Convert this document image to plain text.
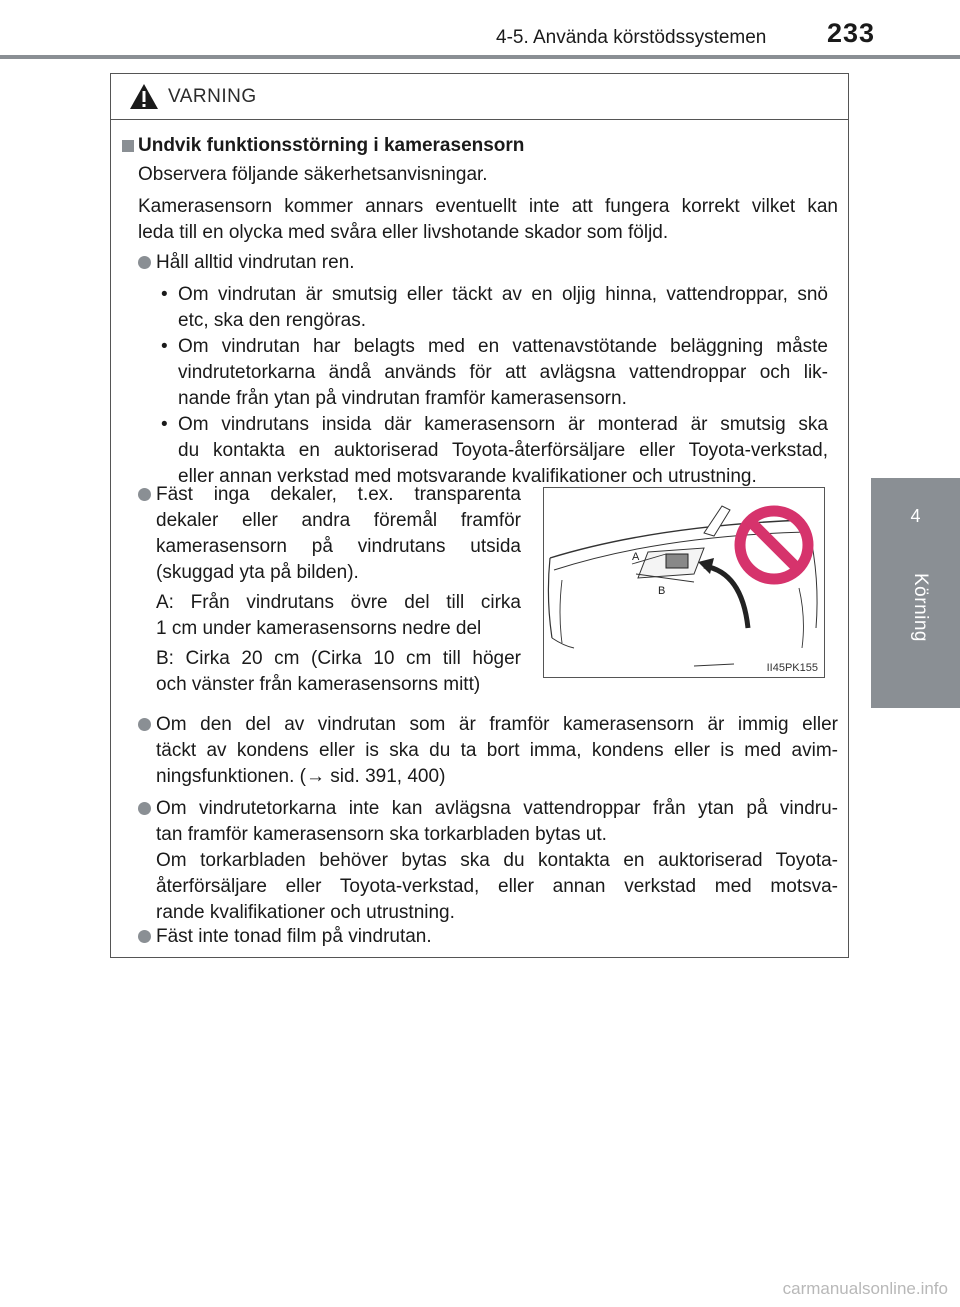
4-5. Använda körstödssystemen 233
4
Körning
VARNING
Undvik funktionsstörning i kamerasensorn
Observera följande säkerhetsanvisningar.
Kamerasensorn kommer annars eventuellt inte att fungera korrekt vilket kan
leda till en olycka med svåra eller livshotande skador som följd.
Håll alltid vindrutan ren.
• Om vindrutan är smutsig eller täckt av en oljig hinna, vattendroppar, snö
etc, ska den rengöras.
• Om vindrutan har belagts med en vattenavstötande beläggning måste
vindrutetorkarna ändå används för att avlägsna vattendroppar och lik-
nande från ytan på vindrutan framför kamerasensorn.
• Om vindrutans insida där kamerasensorn är monterad är smutsig ska
du kontakta en auktoriserad Toyota-återförsäljare eller Toyota-verkstad,
eller annan verkstad med motsvarande kvalifikationer och utrustning.
Fäst inga dekaler, t.ex. transparenta
dekaler eller andra föremål framför
kamerasensorn på vindrutans utsida
(skuggad yta på bilden).
A: Från vindrutans övre del till cirka
1 cm under kamerasensorns nedre del
B: Cirka 20 cm (Cirka 10 cm till höger
och vänster från kamerasensorns mitt)
Om den del av vindrutan som är framför kamerasensorn är immig eller
täckt av kondens eller is ska du ta bort imma, kondens eller is med avim-
ningsfunktionen. (→ sid. 391, 400)
Om vindrutetorkarna inte kan avlägsna vattendroppar från ytan på vindru-
tan framför kamerasensorn ska torkarbladen bytas ut.
Om torkarbladen behöver bytas ska du kontakta en auktoriserad Toyota-
återförsäljare eller Toyota-verkstad, eller annan verkstad med motsva-
rande kvalifikationer och utrustning.
Fäst inte tonad film på vindrutan.
A
B
II45PK155
carmanualsonline.info
